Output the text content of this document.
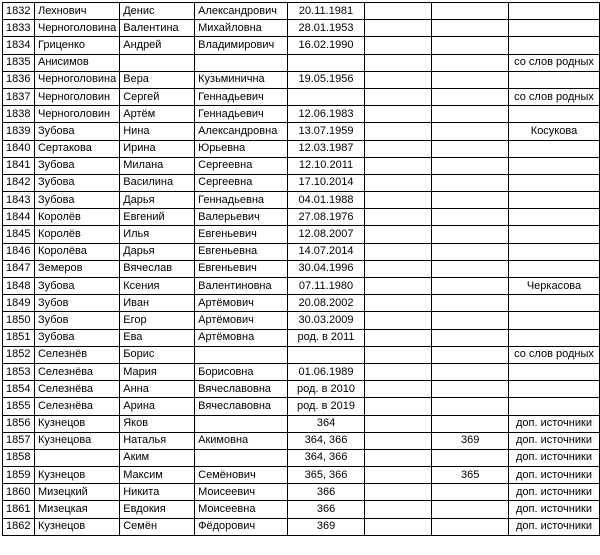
1832	Лехнович	Денис	Александрович	20.11.1981			
1833	Черноголовина	Валентина	Михайловна	28.01.1953			
1834	Гриценко	Андрей	Владимирович	16.02.1990			
1835	Анисимов						со слов родных
1836	Черноголовина	Вера	Кузьминична	19.05.1956			
1837	Черноголовин	Сергей	Геннадьевич				со слов родных
1838	Черноголовин	Артём	Геннадьевич	12.06.1983			
1839	Зубова	Нина	Александровна	13.07.1959			Косукова
1840	Сертакова	Ирина	Юрьевна	12.03.1987			
1841	Зубова	Милана	Сергеевна	12.10.2011			
1842	Зубова	Василина	Сергеевна	17.10.2014			
1843	Зубова	Дарья	Геннадьевна	04.01.1988			
1844	Королёв	Евгений	Валерьевич	27.08.1976			
1845	Королёв	Илья	Евгеньевич	12.08.2007			
1846	Королёва	Дарья	Евгеньевна	14.07.2014			
1847	Земеров	Вячеслав	Евгеньевич	30.04.1996			
1848	Зубова	Ксения	Валентиновна	07.11.1980			Черкасова
1849	Зубов	Иван	Артёмович	20.08.2002			
1850	Зубов	Егор	Артёмович	30.03.2009			
1851	Зубова	Ева	Артёмовна	род. в 2011			
1852	Селезнёв	Борис					со слов родных
1853	Селезнёва	Мария	Борисовна	01.06.1989			
1854	Селезнёва	Анна	Вячеславовна	род. в 2010			
1855	Селезнёва	Арина	Вячеславовна	род. в 2019			
1856	Кузнецов	Яков		364			доп. источники
1857	Кузнецова	Наталья	Акимовна	364, 366		369	доп. источники
1858		Аким		364, 366			доп. источники
1859	Кузнецов	Максим	Семёнович	365, 366		365	доп. источники
1860	Мизецкий	Никита	Моисеевич	366			доп. источники
1861	Мизецкая	Евдокия	Моисеевна	366			доп. источники
1862	Кузнецов	Семён	Фёдорович	369			доп. источники
